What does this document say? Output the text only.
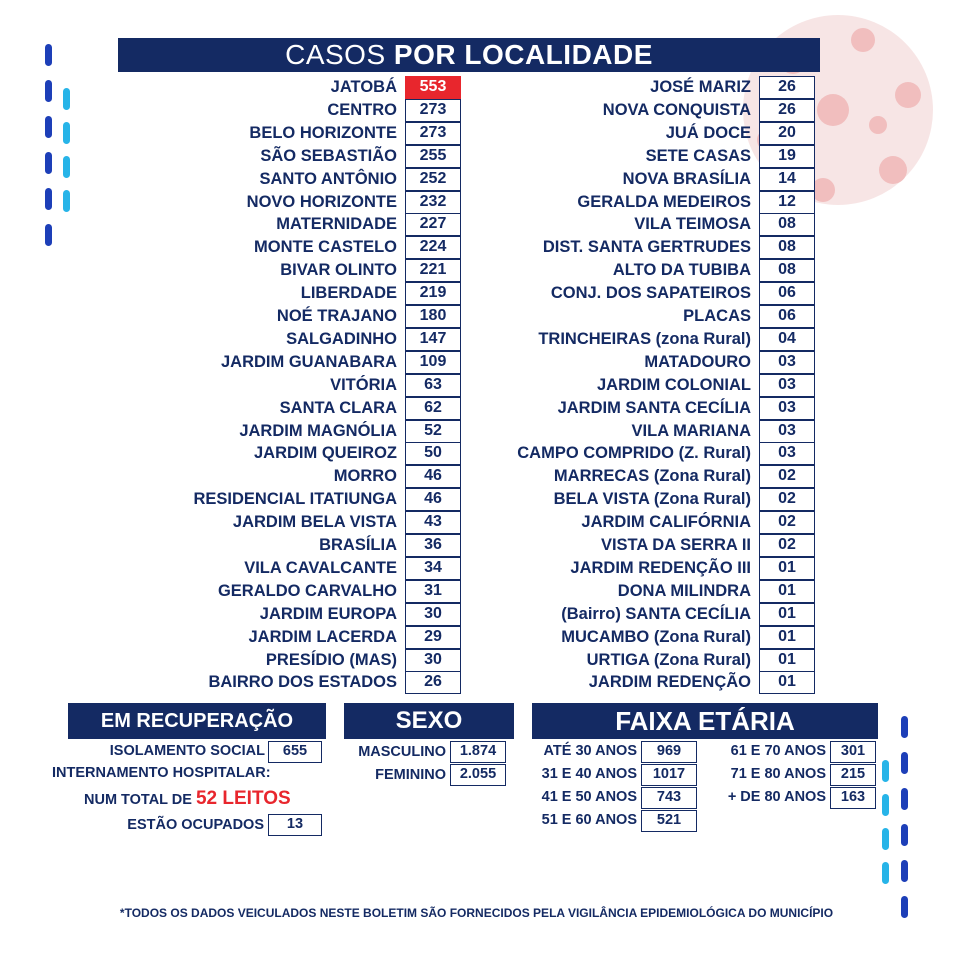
CASOS POR LOCALIDADE
JATOBÁ	553
CENTRO	273
BELO HORIZONTE	273
SÃO SEBASTIÃO	255
SANTO ANTÔNIO	252
NOVO HORIZONTE	232
MATERNIDADE	227
MONTE CASTELO	224
BIVAR OLINTO	221
LIBERDADE	219
NOÉ TRAJANO	180
SALGADINHO	147
JARDIM GUANABARA	109
VITÓRIA	63
SANTA CLARA	62
JARDIM MAGNÓLIA	52
JARDIM QUEIROZ	50
MORRO	46
RESIDENCIAL ITATIUNGA	46
JARDIM BELA VISTA	43
BRASÍLIA	36
VILA CAVALCANTE	34
GERALDO CARVALHO	31
JARDIM EUROPA	30
JARDIM LACERDA	29
PRESÍDIO (MAS)	30
BAIRRO DOS ESTADOS	26
JOSÉ MARIZ	26
NOVA CONQUISTA	26
JUÁ DOCE	20
SETE CASAS	19
NOVA BRASÍLIA	14
GERALDA MEDEIROS	12
VILA TEIMOSA	08
DIST. SANTA GERTRUDES	08
ALTO DA TUBIBA	08
CONJ. DOS SAPATEIROS	06
PLACAS	06
TRINCHEIRAS (zona Rural)	04
MATADOURO	03
JARDIM COLONIAL	03
JARDIM SANTA CECÍLIA	03
VILA MARIANA	03
CAMPO COMPRIDO (Z. Rural)	03
MARRECAS (Zona Rural)	02
BELA VISTA (Zona Rural)	02
JARDIM CALIFÓRNIA	02
VISTA DA SERRA II	02
JARDIM REDENÇÃO III	01
DONA MILINDRA	01
(Bairro) SANTA CECÍLIA	01
MUCAMBO (Zona Rural)	01
URTIGA (Zona Rural)	01
JARDIM REDENÇÃO	01
EM RECUPERAÇÃO
ISOLAMENTO SOCIAL	655
INTERNAMENTO HOSPITALAR:
NUM TOTAL DE 52 LEITOS
ESTÃO OCUPADOS	13
SEXO
MASCULINO 1.874
FEMININO 2.055
FAIXA ETÁRIA
ATÉ 30 ANOS	969
31 E 40 ANOS	1017
41 E 50 ANOS	743
51 E 60 ANOS	521
61 E 70 ANOS	301
71 E 80 ANOS	215
+ DE 80 ANOS	163
*TODOS OS DADOS VEICULADOS NESTE BOLETIM SÃO FORNECIDOS PELA VIGILÂNCIA EPIDEMIOLÓGICA DO MUNICÍPIO
